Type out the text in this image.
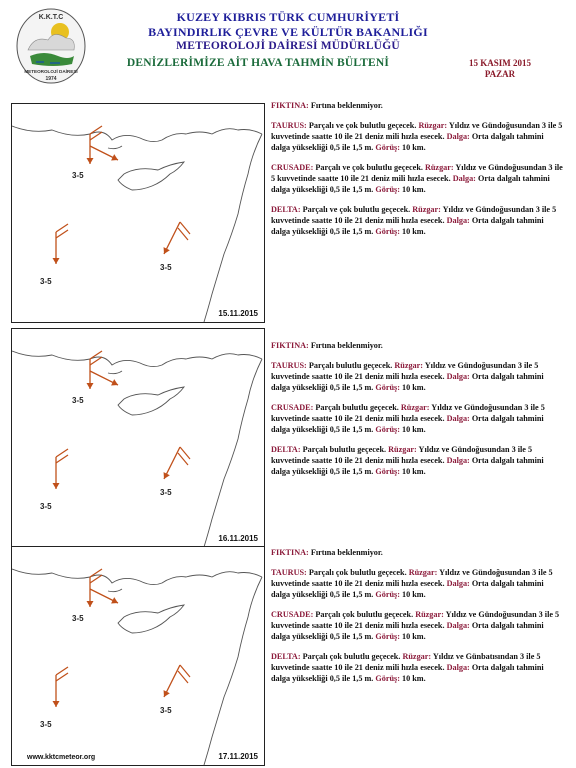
K.K.T.C
METEOROLOJİ DAİRESİ
1974
KUZEY KIBRIS TÜRK CUMHURİYETİ
BAYINDIRLIK ÇEVRE VE KÜLTÜR BAKANLIĞI
METEOROLOJİ DAİRESİ MÜDÜRLÜĞÜ
DENİZLERİMİZE AİT HAVA TAHMİN BÜLTENİ	15 KASIM 2015
PAZAR
3-5
3-5
3-5
15.11.2015
3-5
3-5
3-5
16.11.2015
3-5
3-5
3-5
www.kktcmeteor.org	17.11.2015

FIKTINA: Fırtına beklenmiyor.

TAURUS: Parçalı ve çok bulutlu geçecek. Rüzgar: Yıldız ve Gündoğusundan 3 ile 5 kuvvetinde saatte 10 ile 21 deniz mili hızla esecek. Dalga: Orta dalgalı tahmini dalga yüksekliği 0,5 ile 1,5 m. Görüş: 10 km.

CRUSADE: Parçalı ve çok bulutlu geçecek. Rüzgar: Yıldız ve Gündoğusundan 3 ile 5 kuvvetinde saatte 10 ile 21 deniz mili hızla esecek. Dalga: Orta dalgalı tahmini dalga yüksekliği 0,5 ile 1,5 m. Görüş: 10 km.

DELTA: Parçalı ve çok bulutlu geçecek. Rüzgar: Yıldız ve Gündoğusundan 3 ile 5 kuvvetinde saatte 10 ile 21 deniz mili hızla esecek. Dalga: Orta dalgalı tahmini dalga yüksekliği 0,5 ile 1,5 m. Görüş: 10 km.

FIKTINA: Fırtına beklenmiyor.

TAURUS: Parçalı bulutlu geçecek. Rüzgar: Yıldız ve Gündoğusundan 3 ile 5 kuvvetinde saatte 10 ile 21 deniz mili hızla esecek. Dalga: Orta dalgalı tahmini dalga yüksekliği 0,5 ile 1,5 m. Görüş: 10 km.

CRUSADE: Parçalı bulutlu geçecek. Rüzgar: Yıldız ve Gündoğusundan 3 ile 5 kuvvetinde saatte 10 ile 21 deniz mili hızla esecek. Dalga: Orta dalgalı tahmini dalga yüksekliği 0,5 ile 1,5 m. Görüş: 10 km.

DELTA: Parçalı bulutlu geçecek. Rüzgar: Yıldız ve Gündoğusundan 3 ile 5 kuvvetinde saatte 10 ile 21 deniz mili hızla esecek. Dalga: Orta dalgalı tahmini dalga yüksekliği 0,5 ile 1,5 m. Görüş: 10 km.

FIKTINA: Fırtına beklenmiyor.

TAURUS: Parçalı çok bulutlu geçecek. Rüzgar: Yıldız ve Gündoğusundan 3 ile 5 kuvvetinde saatte 10 ile 21 deniz mili hızla esecek. Dalga: Orta dalgalı tahmini dalga yüksekliği 0,5 ile 1,5 m. Görüş: 10 km.

CRUSADE: Parçalı çok bulutlu geçecek. Rüzgar: Yıldız ve Gündoğusundan 3 ile 5 kuvvetinde saatte 10 ile 21 deniz mili hızla esecek. Dalga: Orta dalgalı tahmini dalga yüksekliği 0,5 ile 1,5 m. Görüş: 10 km.

DELTA: Parçalı çok bulutlu geçecek. Rüzgar: Yıldız ve Günbatısından 3 ile 5 kuvvetinde saatte 10 ile 21 deniz mili hızla esecek. Dalga: Orta dalgalı tahmini dalga yüksekliği 0,5 ile 1,5 m. Görüş: 10 km.
